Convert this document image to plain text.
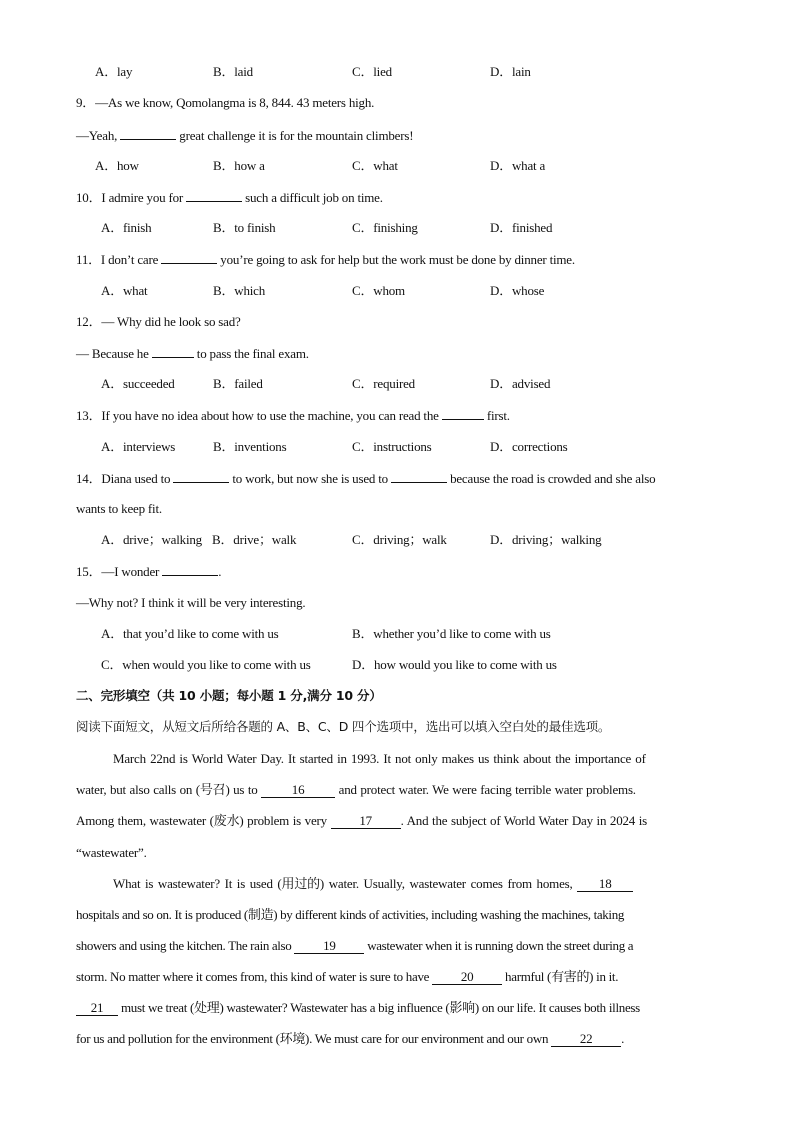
A．lay	B．laid	C．lied	D．lain
9．—As we know, Qomolangma is 8, 844. 43 meters high.
—Yeah,	great challenge it is for the mountain climbers!
A．how	B．how a	C．what	D．what a
10．I admire you for	such a difficult job on time.
A．finish	B．to finish	C．finishing	D．finished
11．I don’t care	you’re going to ask for help but the work must be done by dinner time.
A．what	B．which	C．whom	D．whose
12．— Why did he look so sad?
— Because he	to pass the final exam.
A．succeeded	B．failed	C．required	D．advised
13．If you have no idea about how to use the machine, you can read the	first.
A．interviews	B．inventions	C．instructions	D．corrections
14．Diana used to	to work, but now she is used to	because the road is crowded and she also
wants to keep fit.
A．drive；walking B．drive；walk	C．driving；walk	D．driving；walking
15．—I wonder	.
—Why not? I think it will be very interesting.
A．that you’d like to come with us	B．whether you’d like to come with us
C．when would you like to come with us	D．how would you like to come with us
二、完形填空（共 10 小题；每小题 1 分,满分 10 分）
阅读下面短文，从短文后所给各题的 A、B、C、D 四个选项中，选出可以填入空白处的最佳选项。
March 22nd is World Water Day. It started in 1993. It not only makes us think about the importance of
water, but also calls on (号召) us to 16 and protect water. We were facing terrible water problems.
Among them, wastewater (废水) problem is very 17 . And the subject of World Water Day in 2024 is
“wastewater”.
What is wastewater? It is used (用过的) water. Usually, wastewater comes from homes, 18
hospitals and so on. It is produced (制造) by different kinds of activities, including washing the machines, taking
showers and using the kitchen. The rain also 19 wastewater when it is running down the street during a
storm. No matter where it comes from, this kind of water is sure to have 20 harmful (有害的) in it.
21 must we treat (处理) wastewater? Wastewater has a big influence (影响) on our life. It causes both illness
for us and pollution for the environment (环境). We must care for our environment and our own 22 .
